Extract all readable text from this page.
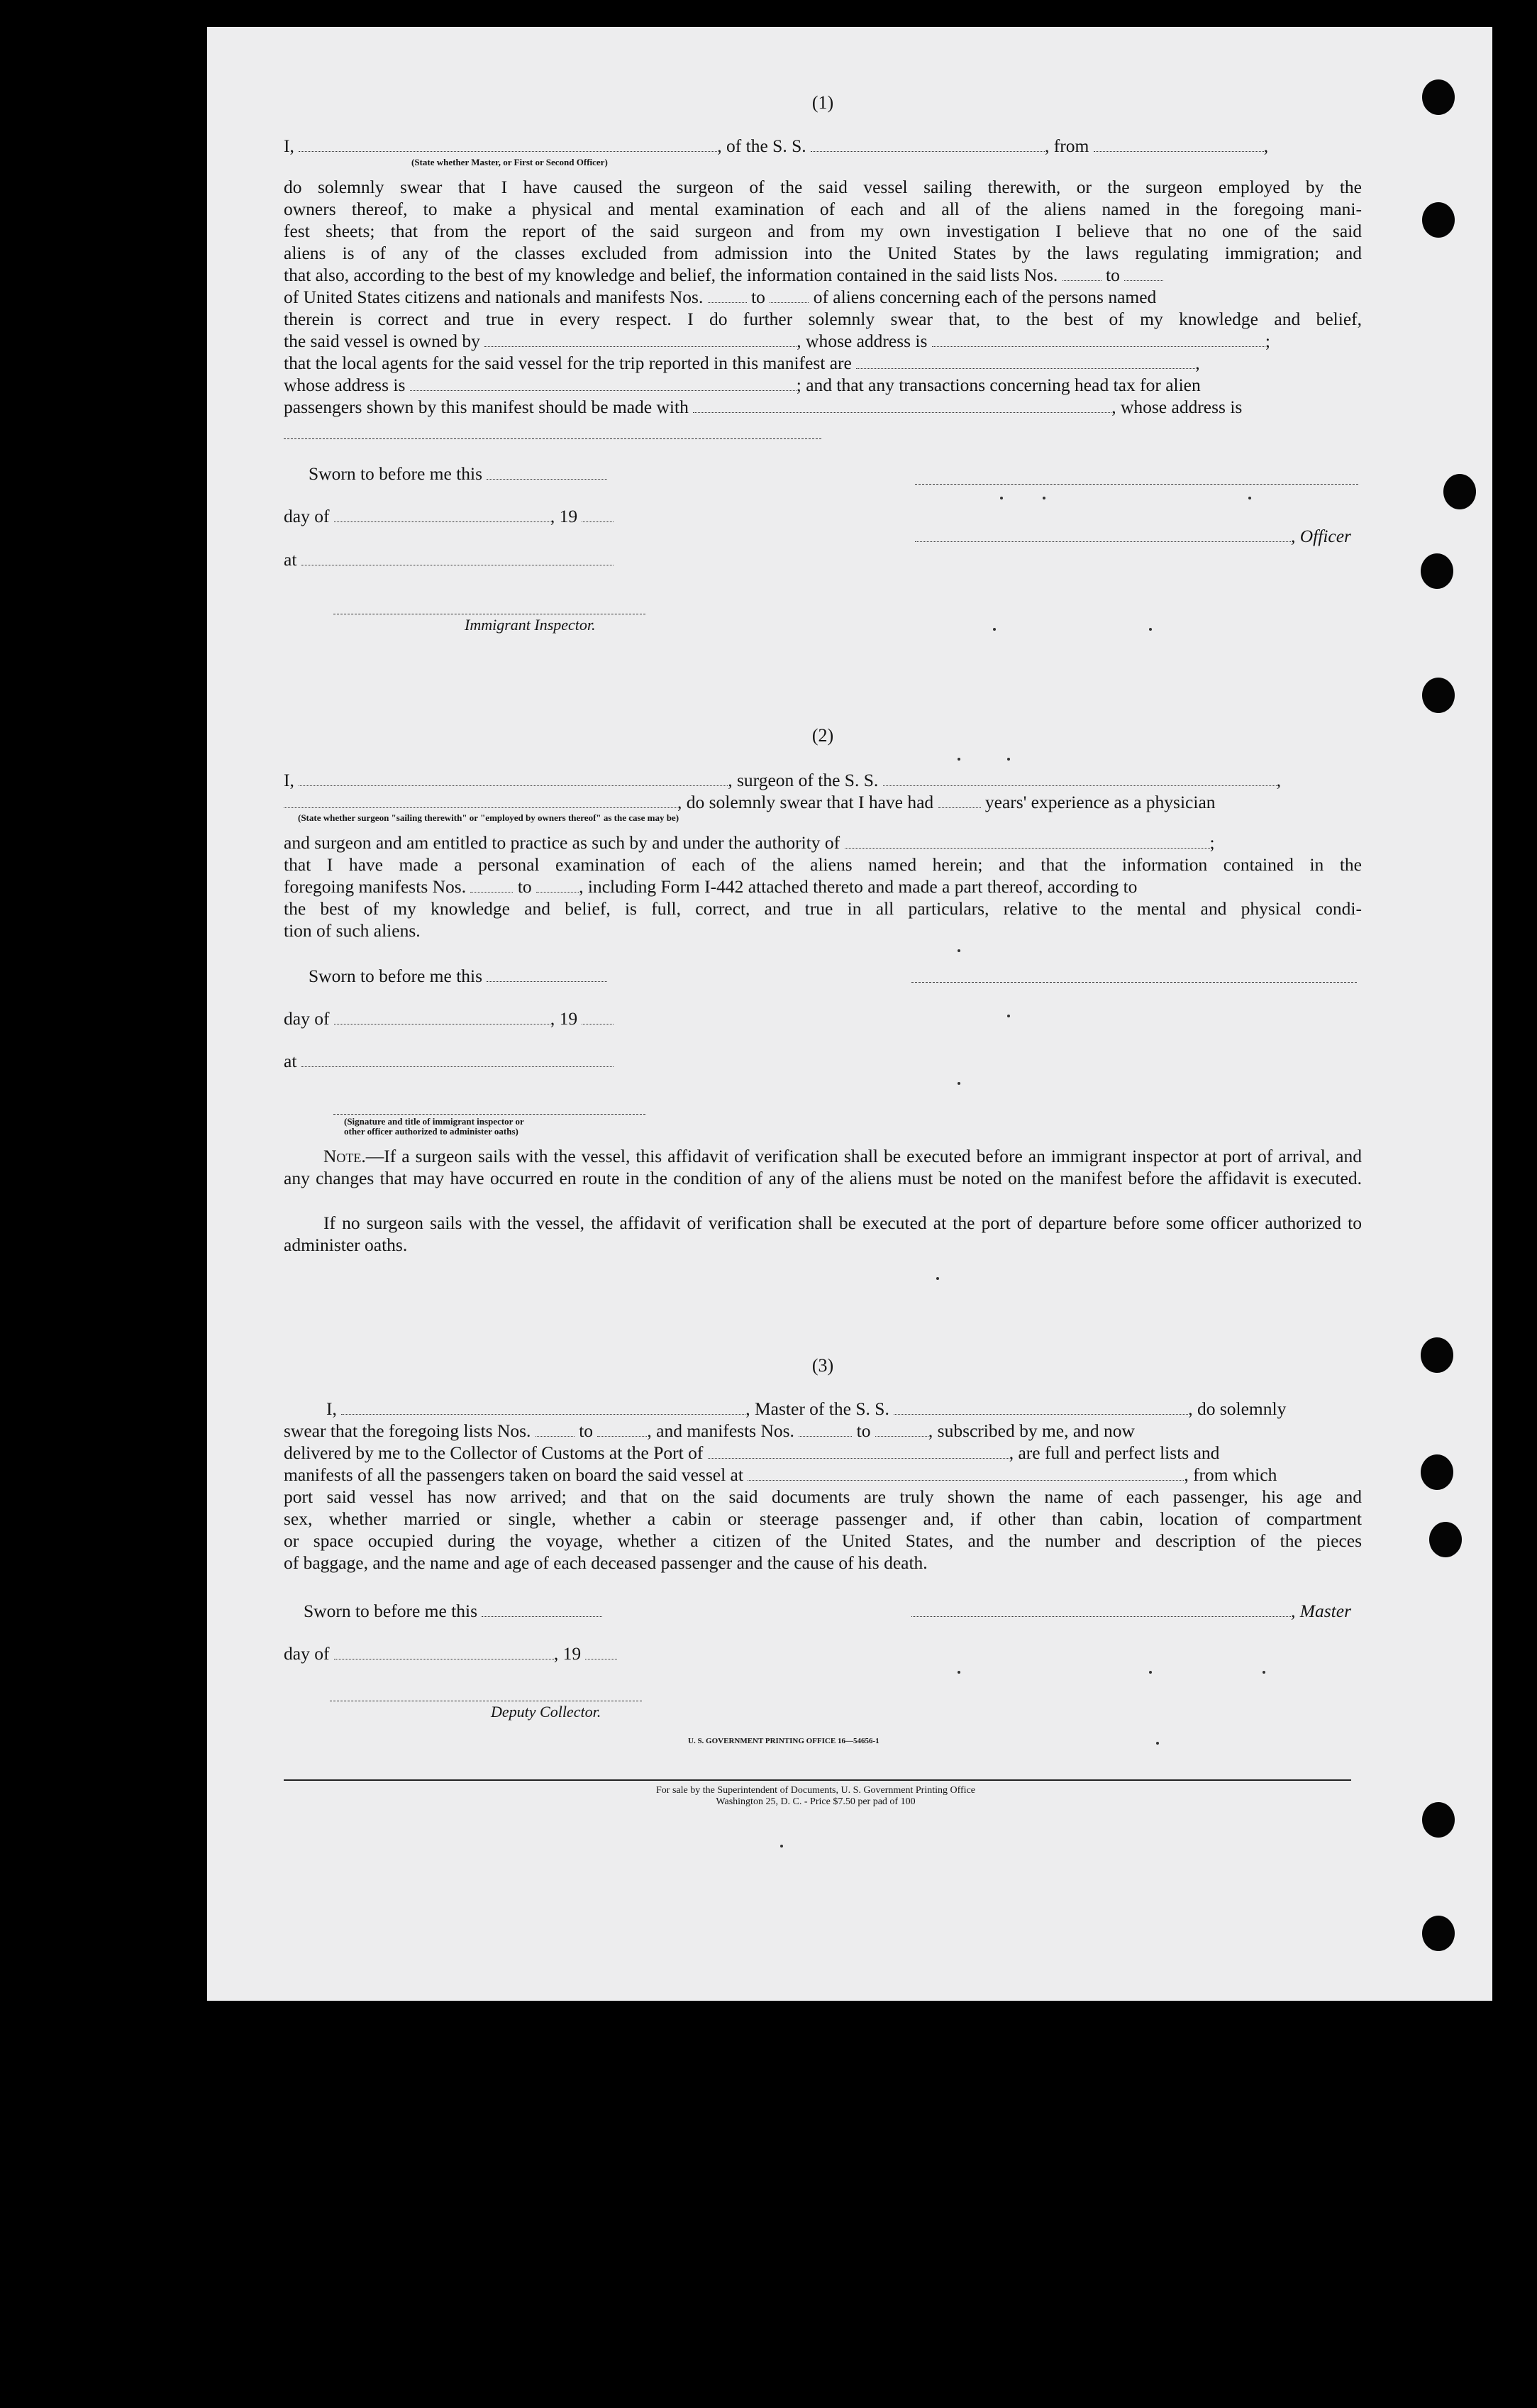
(1)
I,	, of the S. S.	, from	,
(State whether Master, or First or Second Officer)
do solemnly swear that I have caused the surgeon of the said vessel sailing therewith, or the surgeon employed by the
owners thereof, to make a physical and mental examination of each and all of the aliens named in the foregoing mani-
fest sheets; that from the report of the said surgeon and from my own investigation I believe that no one of the said
aliens is of any of the classes excluded from admission into the United States by the laws regulating immigration; and
that also, according to the best of my knowledge and belief, the information contained in the said lists Nos.	to
of United States citizens and nationals and manifests Nos.	to	of aliens concerning each of the persons named
therein is correct and true in every respect. I do further solemnly swear that, to the best of my knowledge and belief,
the said vessel is owned by	, whose address is	;
that the local agents for the said vessel for the trip reported in this manifest are	,
whose address is	; and that any transactions concerning head tax for alien
passengers shown by this manifest should be made with	, whose address is
Sworn to before me this
day of	, 19
, Officer
at
Immigrant Inspector.
(2)
I,	, surgeon of the S. S.	,
, do solemnly swear that I have had	years' experience as a physician
(State whether surgeon "sailing therewith" or "employed by owners thereof" as the case may be)
and surgeon and am entitled to practice as such by and under the authority of	;
that I have made a personal examination of each of the aliens named herein; and that the information contained in the
foregoing manifests Nos.	to	, including Form I-442 attached thereto and made a part thereof, according to
the best of my knowledge and belief, is full, correct, and true in all particulars, relative to the mental and physical condi-
tion of such aliens.
Sworn to before me this
day of	, 19
at
(Signature and title of immigrant inspector or
other officer authorized to administer oaths)
Note.—If a surgeon sails with the vessel, this affidavit of verification shall be executed before an immigrant inspector at port of arrival, and any changes that may have occurred en route in the condition of any of the aliens must be noted on the manifest before the affidavit is executed.
If no surgeon sails with the vessel, the affidavit of verification shall be executed at the port of departure before some officer authorized to administer oaths.
(3)
I,	, Master of the S. S.	, do solemnly
swear that the foregoing lists Nos.	to	, and manifests Nos.	to	, subscribed by me, and now
delivered by me to the Collector of Customs at the Port of	, are full and perfect lists and
manifests of all the passengers taken on board the said vessel at	, from which
port said vessel has now arrived; and that on the said documents are truly shown the name of each passenger, his age and
sex, whether married or single, whether a cabin or steerage passenger and, if other than cabin, location of compartment
or space occupied during the voyage, whether a citizen of the United States, and the number and description of the pieces
of baggage, and the name and age of each deceased passenger and the cause of his death.
Sworn to before me this	, Master
day of	, 19
Deputy Collector.
U. S. GOVERNMENT PRINTING OFFICE 16—54656-1
For sale by the Superintendent of Documents, U. S. Government Printing Office
Washington 25, D. C. - Price $7.50 per pad of 100
